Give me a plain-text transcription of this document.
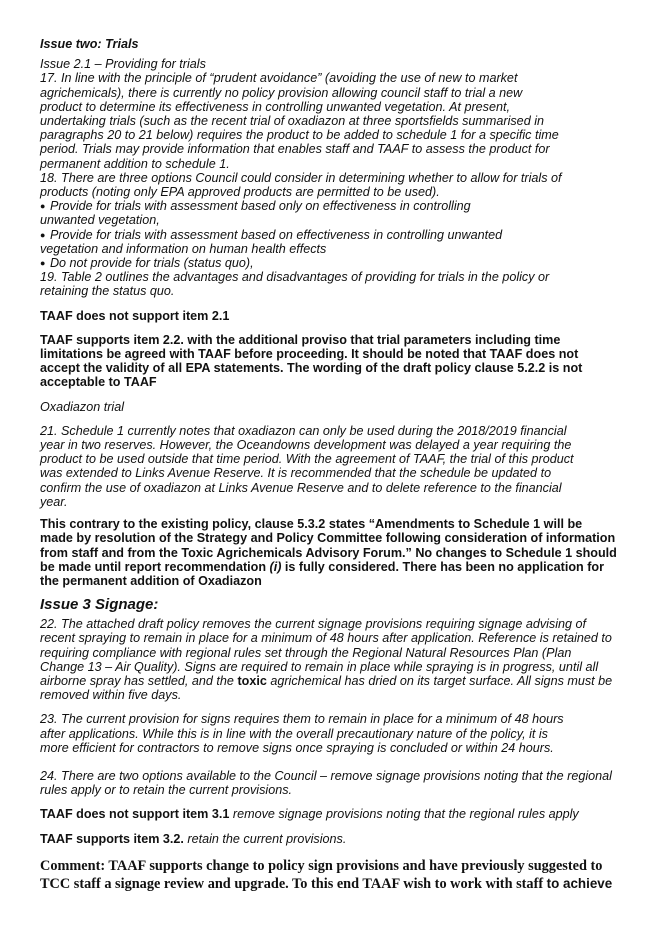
Issue two: Trials

Issue 2.1 – Providing for trials

17. In line with the principle of “prudent avoidance” (avoiding the use of new to market

agrichemicals), there is currently no policy provision allowing council staff to trial a new

product to determine its effectiveness in controlling unwanted vegetation. At present,

undertaking trials (such as the recent trial of oxadiazon at three sportsfields summarised in

paragraphs 20 to 21 below) requires the product to be added to schedule 1 for a specific time

period. Trials may provide information that enables staff and TAAF to assess the product for

permanent addition to schedule 1.

18. There are three options Council could consider in determining whether to allow for trials of

products (noting only EPA approved products are permitted to be used).

● Provide for trials with assessment based only on effectiveness in controlling

unwanted vegetation,

● Provide for trials with assessment based on effectiveness in controlling unwanted

vegetation and information on human health effects

● Do not provide for trials (status quo),

19. Table 2 outlines the advantages and disadvantages of providing for trials in the policy or

retaining the status quo.

TAAF does not support item 2.1

TAAF supports item 2.2. with the additional proviso that trial parameters including time

limitations be agreed with TAAF before proceeding. It should be noted that TAAF does not

accept the validity of all EPA statements. The wording of the draft policy clause 5.2.2 is not

acceptable to TAAF

Oxadiazon trial

21. Schedule 1 currently notes that oxadiazon can only be used during the 2018/2019 financial

year in two reserves. However, the Oceandowns development was delayed a year requiring the

product to be used outside that time period. With the agreement of TAAF, the trial of this product

was extended to Links Avenue Reserve. It is recommended that the schedule be updated to

confirm the use of oxadiazon at Links Avenue Reserve and to delete reference to the financial

year.

This contrary to the existing policy, clause 5.3.2 states “Amendments to Schedule 1 will be

made by resolution of the Strategy and Policy Committee following consideration of information

from staff and from the Toxic Agrichemicals Advisory Forum.” No changes to Schedule 1 should

be made until report recommendation (i) is fully considered. There has been no application for

the permanent addition of Oxadiazon

Issue 3 Signage:

22. The attached draft policy removes the current signage provisions requiring signage advising of

recent spraying to remain in place for a minimum of 48 hours after application. Reference is retained to

requiring compliance with regional rules set through the Regional Natural Resources Plan (Plan

Change 13 – Air Quality). Signs are required to remain in place while spraying is in progress, until all

airborne spray has settled, and the toxic agrichemical has dried on its target surface. All signs must be

removed within five days.

23. The current provision for signs requires them to remain in place for a minimum of 48 hours

after applications. While this is in line with the overall precautionary nature of the policy, it is

more efficient for contractors to remove signs once spraying is concluded or within 24 hours.

24. There are two options available to the Council – remove signage provisions noting that the regional

rules apply or to retain the current provisions.

TAAF does not support item 3.1 remove signage provisions noting that the regional rules apply

TAAF supports item 3.2. retain the current provisions.

Comment: TAAF supports change to policy sign provisions and have previously suggested to

TCC staff a signage review and upgrade. To this end TAAF wish to work with staff to achieve
